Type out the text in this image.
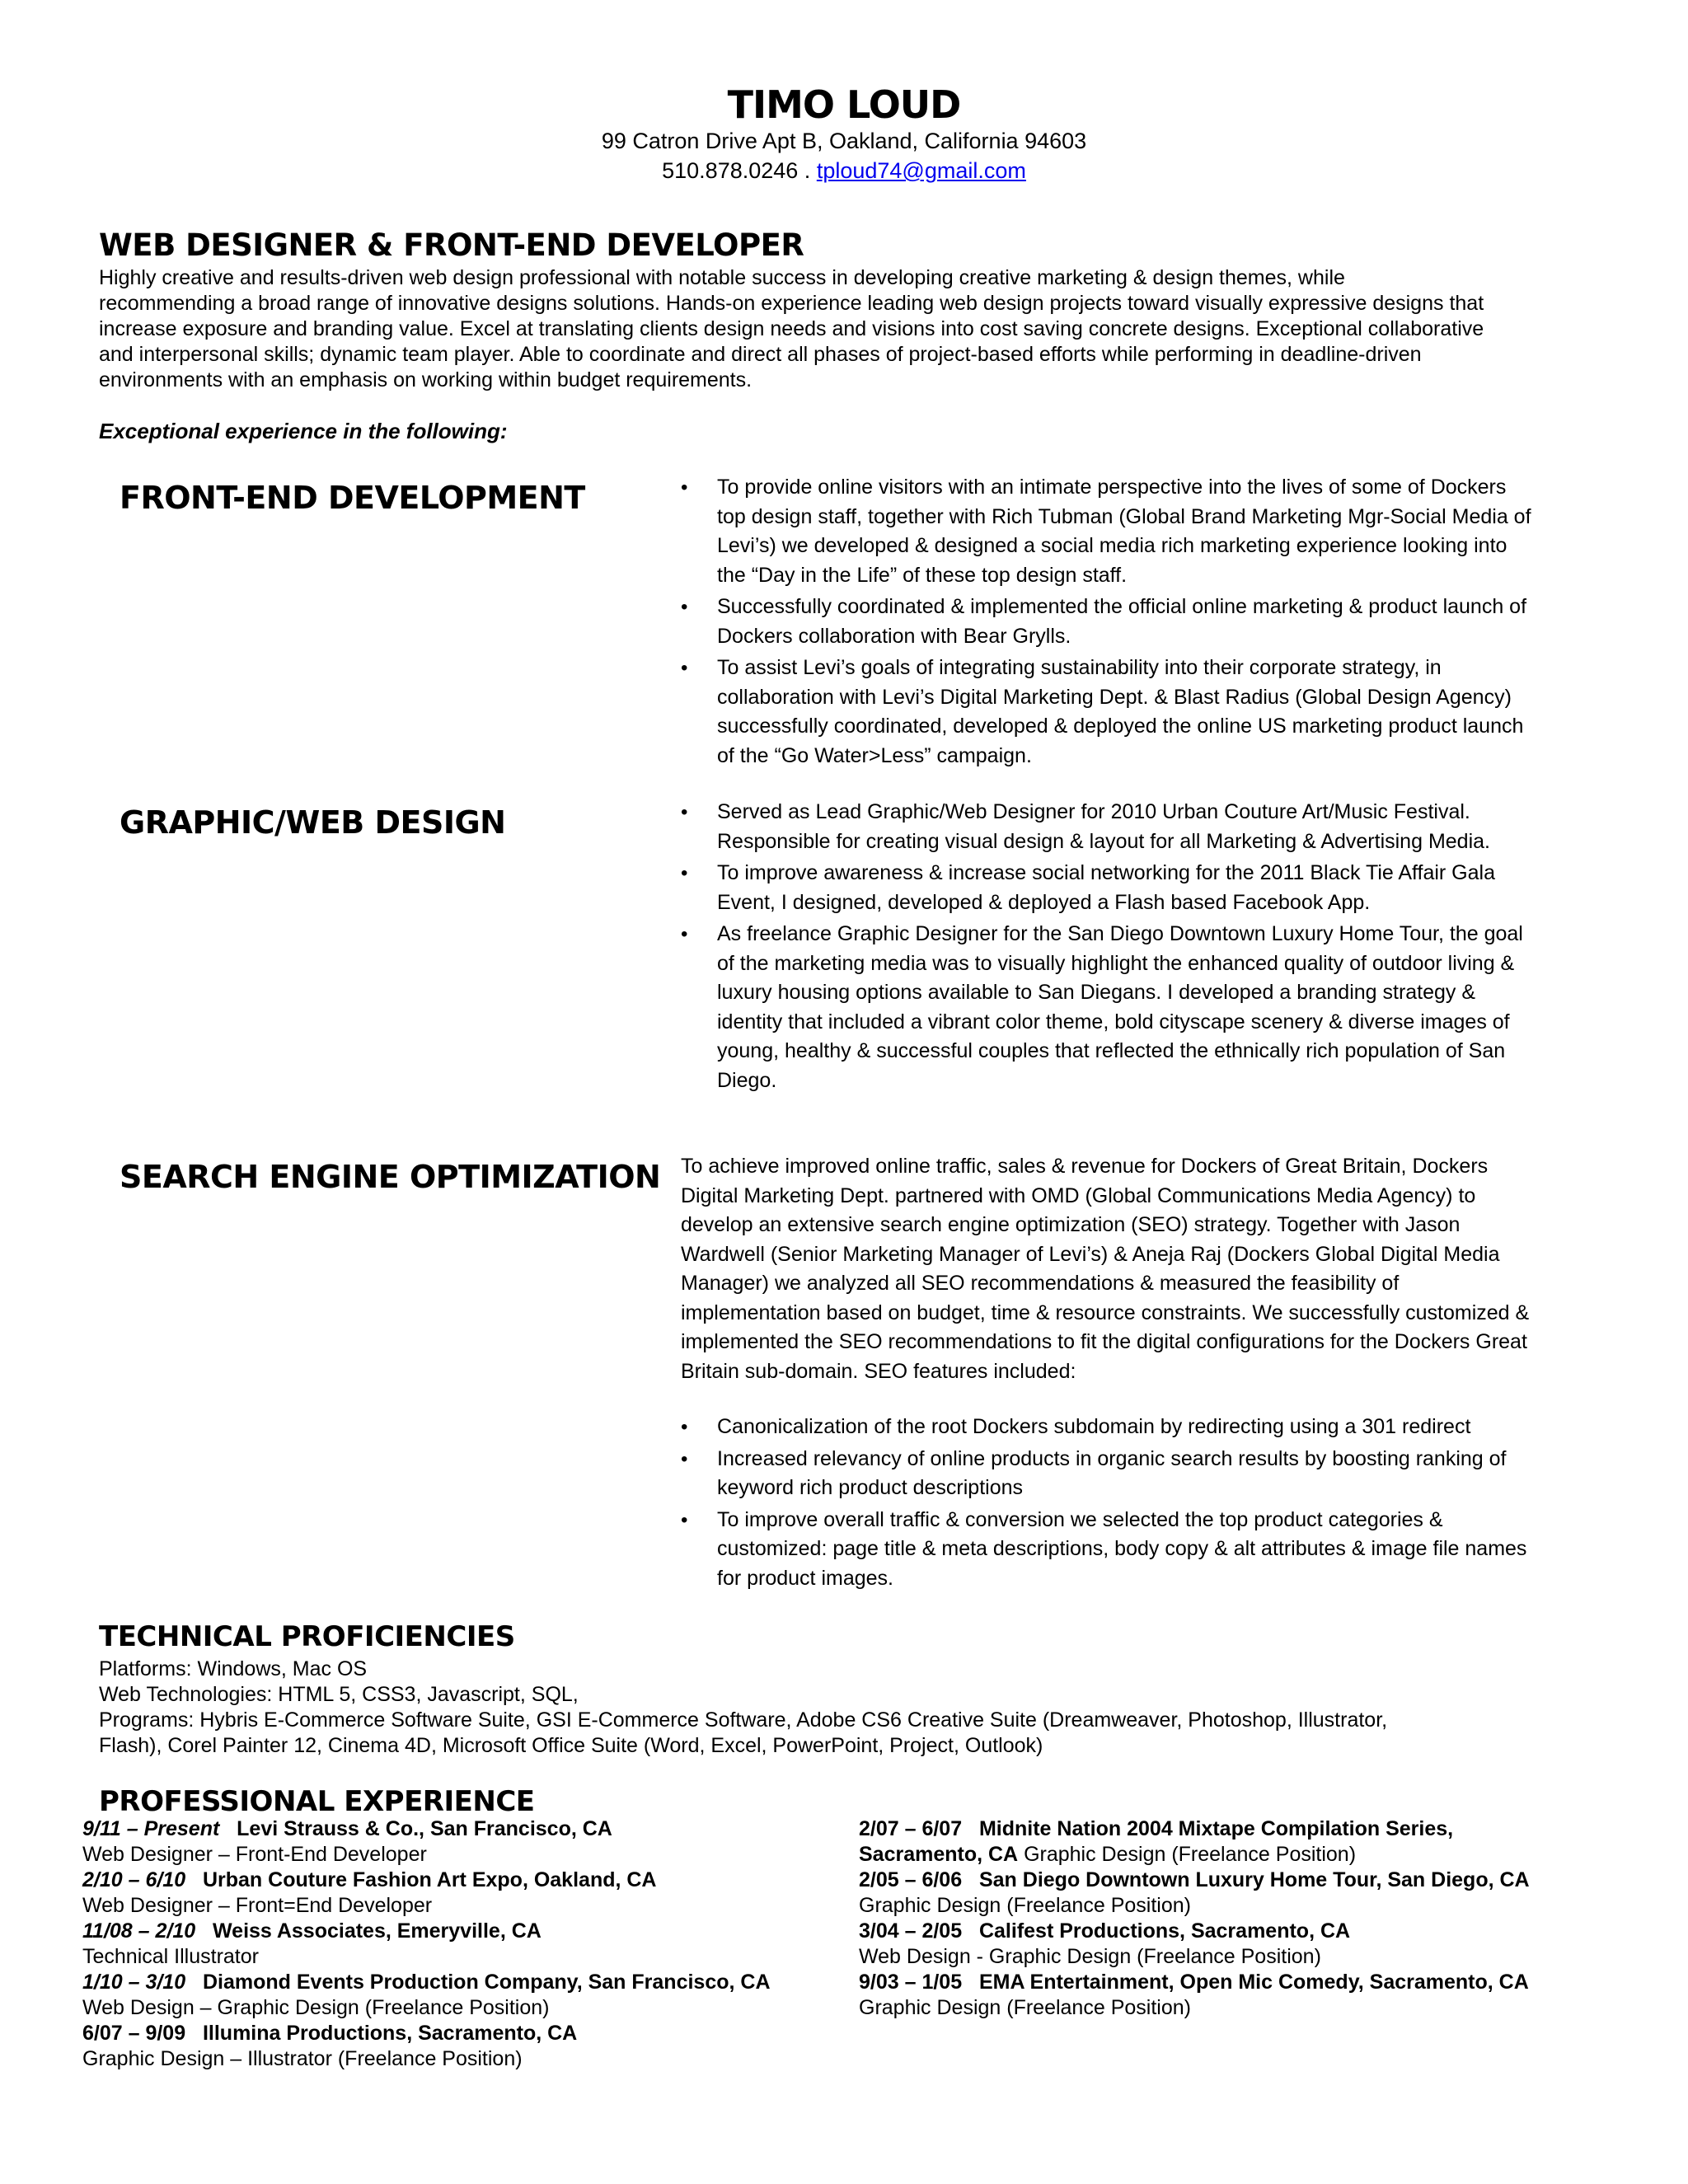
TIMO LOUD
99 Catron Drive Apt B, Oakland, California 94603
510.878.0246 . tploud74@gmail.com
WEB DESIGNER & FRONT-END DEVELOPER
Highly creative and results-driven web design professional with notable success in developing creative marketing & design themes, while
recommending a broad range of innovative designs solutions. Hands-on experience leading web design projects toward visually expressive designs that
increase exposure and branding value. Excel at translating clients design needs and visions into cost saving concrete designs. Exceptional collaborative
and interpersonal skills; dynamic team player. Able to coordinate and direct all phases of project-based efforts while performing in deadline-driven
environments with an emphasis on working within budget requirements.
Exceptional experience in the following:
FRONT-END DEVELOPMENT	• To provide online visitors with an intimate perspective into the lives of some of Dockers top design staff, together with Rich Tubman (Global Brand Marketing Mgr-Social Media of Levi’s) we developed & designed a social media rich marketing experience looking into the “Day in the Life” of these top design staff.
• Successfully coordinated & implemented the official online marketing & product launch of Dockers collaboration with Bear Grylls.
• To assist Levi’s goals of integrating sustainability into their corporate strategy, in collaboration with Levi’s Digital Marketing Dept. & Blast Radius (Global Design Agency) successfully coordinated, developed & deployed the online US marketing product launch of the “Go Water>Less” campaign.
GRAPHIC/WEB DESIGN	• Served as Lead Graphic/Web Designer for 2010 Urban Couture Art/Music Festival. Responsible for creating visual design & layout for all Marketing & Advertising Media.
• To improve awareness & increase social networking for the 2011 Black Tie Affair Gala Event, I designed, developed & deployed a Flash based Facebook App.
• As freelance Graphic Designer for the San Diego Downtown Luxury Home Tour, the goal of the marketing media was to visually highlight the enhanced quality of outdoor living & luxury housing options available to San Diegans. I developed a branding strategy & identity that included a vibrant color theme, bold cityscape scenery & diverse images of young, healthy & successful couples that reflected the ethnically rich population of San Diego.
SEARCH ENGINE OPTIMIZATION To achieve improved online traffic, sales & revenue for Dockers of Great Britain, Dockers Digital Marketing Dept. partnered with OMD (Global Communications Media Agency) to develop an extensive search engine optimization (SEO) strategy. Together with Jason Wardwell (Senior Marketing Manager of Levi’s) & Aneja Raj (Dockers Global Digital Media Manager) we analyzed all SEO recommendations & measured the feasibility of implementation based on budget, time & resource constraints. We successfully customized & implemented the SEO recommendations to fit the digital configurations for the Dockers Great Britain sub-domain. SEO features included:

• Canonicalization of the root Dockers subdomain by redirecting using a 301 redirect
• Increased relevancy of online products in organic search results by boosting ranking of keyword rich product descriptions
• To improve overall traffic & conversion we selected the top product categories & customized: page title & meta descriptions, body copy & alt attributes & image file names for product images.
TECHNICAL PROFICIENCIES
Platforms: Windows, Mac OS
Web Technologies: HTML 5, CSS3, Javascript, SQL,
Programs: Hybris E-Commerce Software Suite, GSI E-Commerce Software, Adobe CS6 Creative Suite (Dreamweaver, Photoshop, Illustrator,
Flash), Corel Painter 12, Cinema 4D, Microsoft Office Suite (Word, Excel, PowerPoint, Project, Outlook)
PROFESSIONAL EXPERIENCE
9/11 – Present Levi Strauss & Co., San Francisco, CA
Web Designer – Front-End Developer
2/10 – 6/10 Urban Couture Fashion Art Expo, Oakland, CA
Web Designer – Front=End Developer
11/08 – 2/10 Weiss Associates, Emeryville, CA
Technical Illustrator
1/10 – 3/10 Diamond Events Production Company, San Francisco, CA
Web Design – Graphic Design (Freelance Position)
6/07 – 9/09 Illumina Productions, Sacramento, CA
Graphic Design – Illustrator (Freelance Position)
2/07 – 6/07 Midnite Nation 2004 Mixtape Compilation Series,
Sacramento, CA Graphic Design (Freelance Position)
2/05 – 6/06 San Diego Downtown Luxury Home Tour, San Diego, CA
Graphic Design (Freelance Position)
3/04 – 2/05 Califest Productions, Sacramento, CA
Web Design - Graphic Design (Freelance Position)
9/03 – 1/05 EMA Entertainment, Open Mic Comedy, Sacramento, CA
Graphic Design (Freelance Position)
